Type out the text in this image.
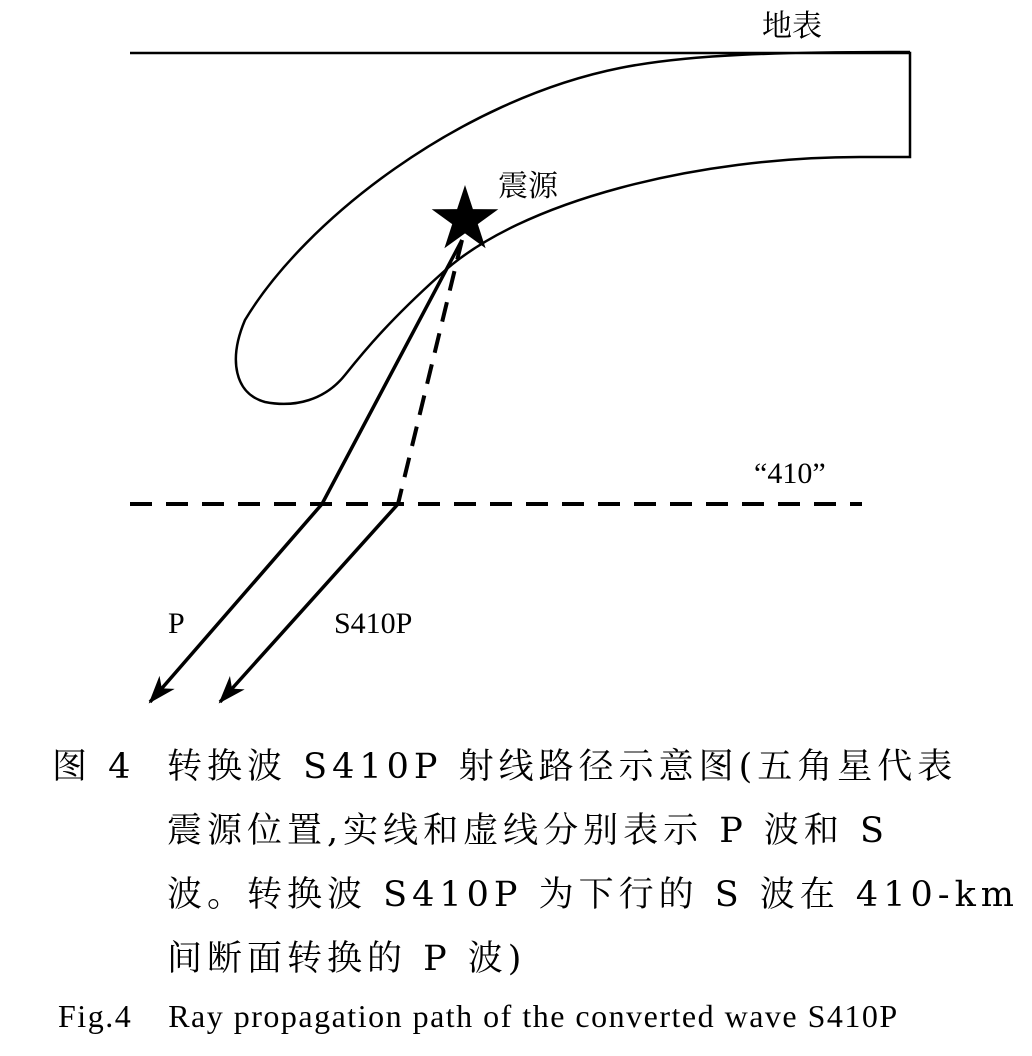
地表
震源
“410”
P	S410P
图 4 转换波 S410P 射线路径示意图(五角星代表
震源位置,实线和虚线分别表示 P 波和 S
波。转换波 S410P 为下行的 S 波在 410-km
间断面转换的 P 波)
Fig.4 Ray propagation path of the converted wave S410P
